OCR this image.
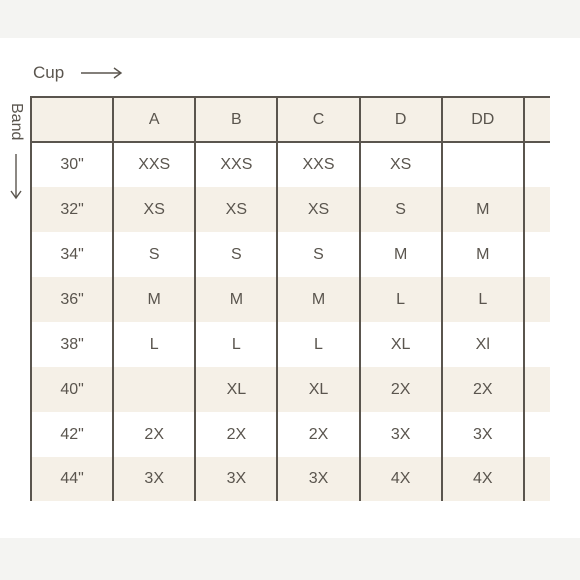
Cup
Band
		A	B	C	D	DD	
30"	XXS	XXS	XXS	XS		
32"	XS	XS	XS	S	M	
34"	S	S	S	M	M	
36"	M	M	M	L	L	
38"	L	L	L	XL	Xl	
40"		XL	XL	2X	2X	
42"	2X	2X	2X	3X	3X	
44"	3X	3X	3X	4X	4X	
